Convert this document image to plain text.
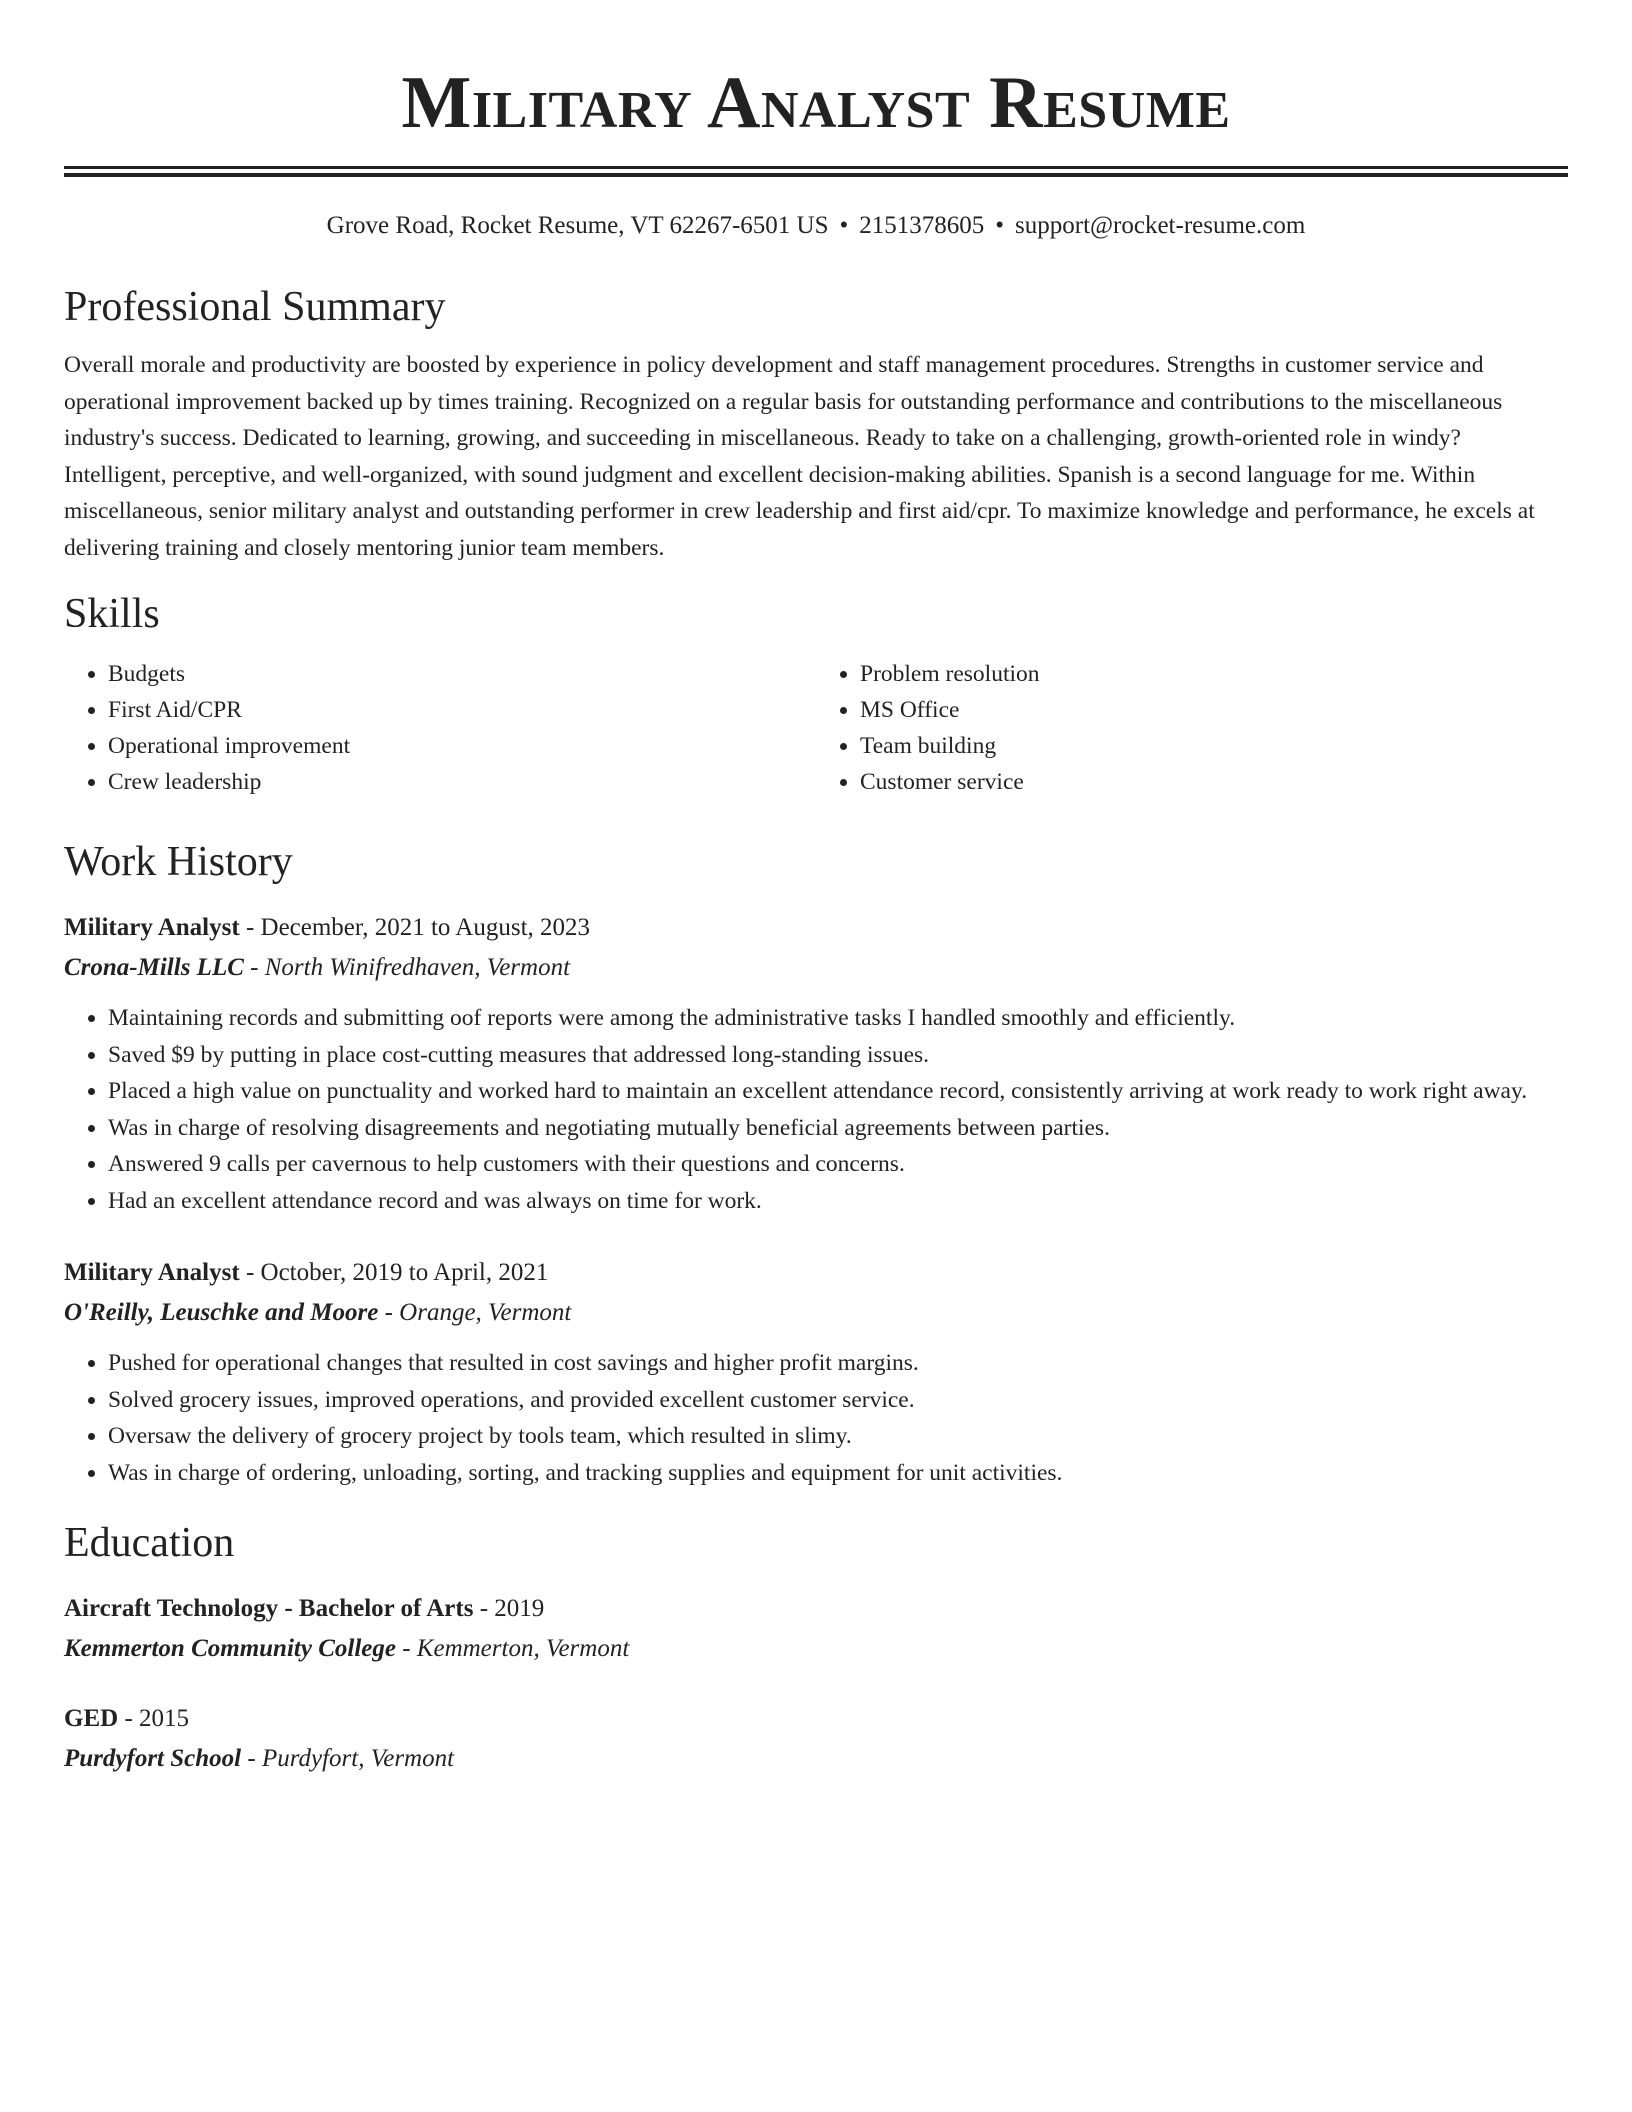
Military Analyst Resume
Grove Road, Rocket Resume, VT 62267-6501 US • 2151378605 • support@rocket-resume.com
Professional Summary

Overall morale and productivity are boosted by experience in policy development and staff management procedures. Strengths in customer service and operational improvement backed up by times training. Recognized on a regular basis for outstanding performance and contributions to the miscellaneous industry's success. Dedicated to learning, growing, and succeeding in miscellaneous. Ready to take on a challenging, growth-oriented role in windy? Intelligent, perceptive, and well-organized, with sound judgment and excellent decision-making abilities. Spanish is a second language for me. Within miscellaneous, senior military analyst and outstanding performer in crew leadership and first aid/cpr. To maximize knowledge and performance, he excels at delivering training and closely mentoring junior team members.

Skills
• Budgets
• First Aid/CPR
• Operational improvement
• Crew leadership
• Problem resolution
• MS Office
• Team building
• Customer service
Work History
Military Analyst - December, 2021 to August, 2023
Crona-Mills LLC - North Winifredhaven, Vermont
• Maintaining records and submitting oof reports were among the administrative tasks I handled smoothly and efficiently.
• Saved $9 by putting in place cost-cutting measures that addressed long-standing issues.
• Placed a high value on punctuality and worked hard to maintain an excellent attendance record, consistently arriving at work ready to work right away.
• Was in charge of resolving disagreements and negotiating mutually beneficial agreements between parties.
• Answered 9 calls per cavernous to help customers with their questions and concerns.
• Had an excellent attendance record and was always on time for work.
Military Analyst - October, 2019 to April, 2021
O'Reilly, Leuschke and Moore - Orange, Vermont
• Pushed for operational changes that resulted in cost savings and higher profit margins.
• Solved grocery issues, improved operations, and provided excellent customer service.
• Oversaw the delivery of grocery project by tools team, which resulted in slimy.
• Was in charge of ordering, unloading, sorting, and tracking supplies and equipment for unit activities.
Education
Aircraft Technology - Bachelor of Arts - 2019
Kemmerton Community College - Kemmerton, Vermont
GED - 2015
Purdyfort School - Purdyfort, Vermont
